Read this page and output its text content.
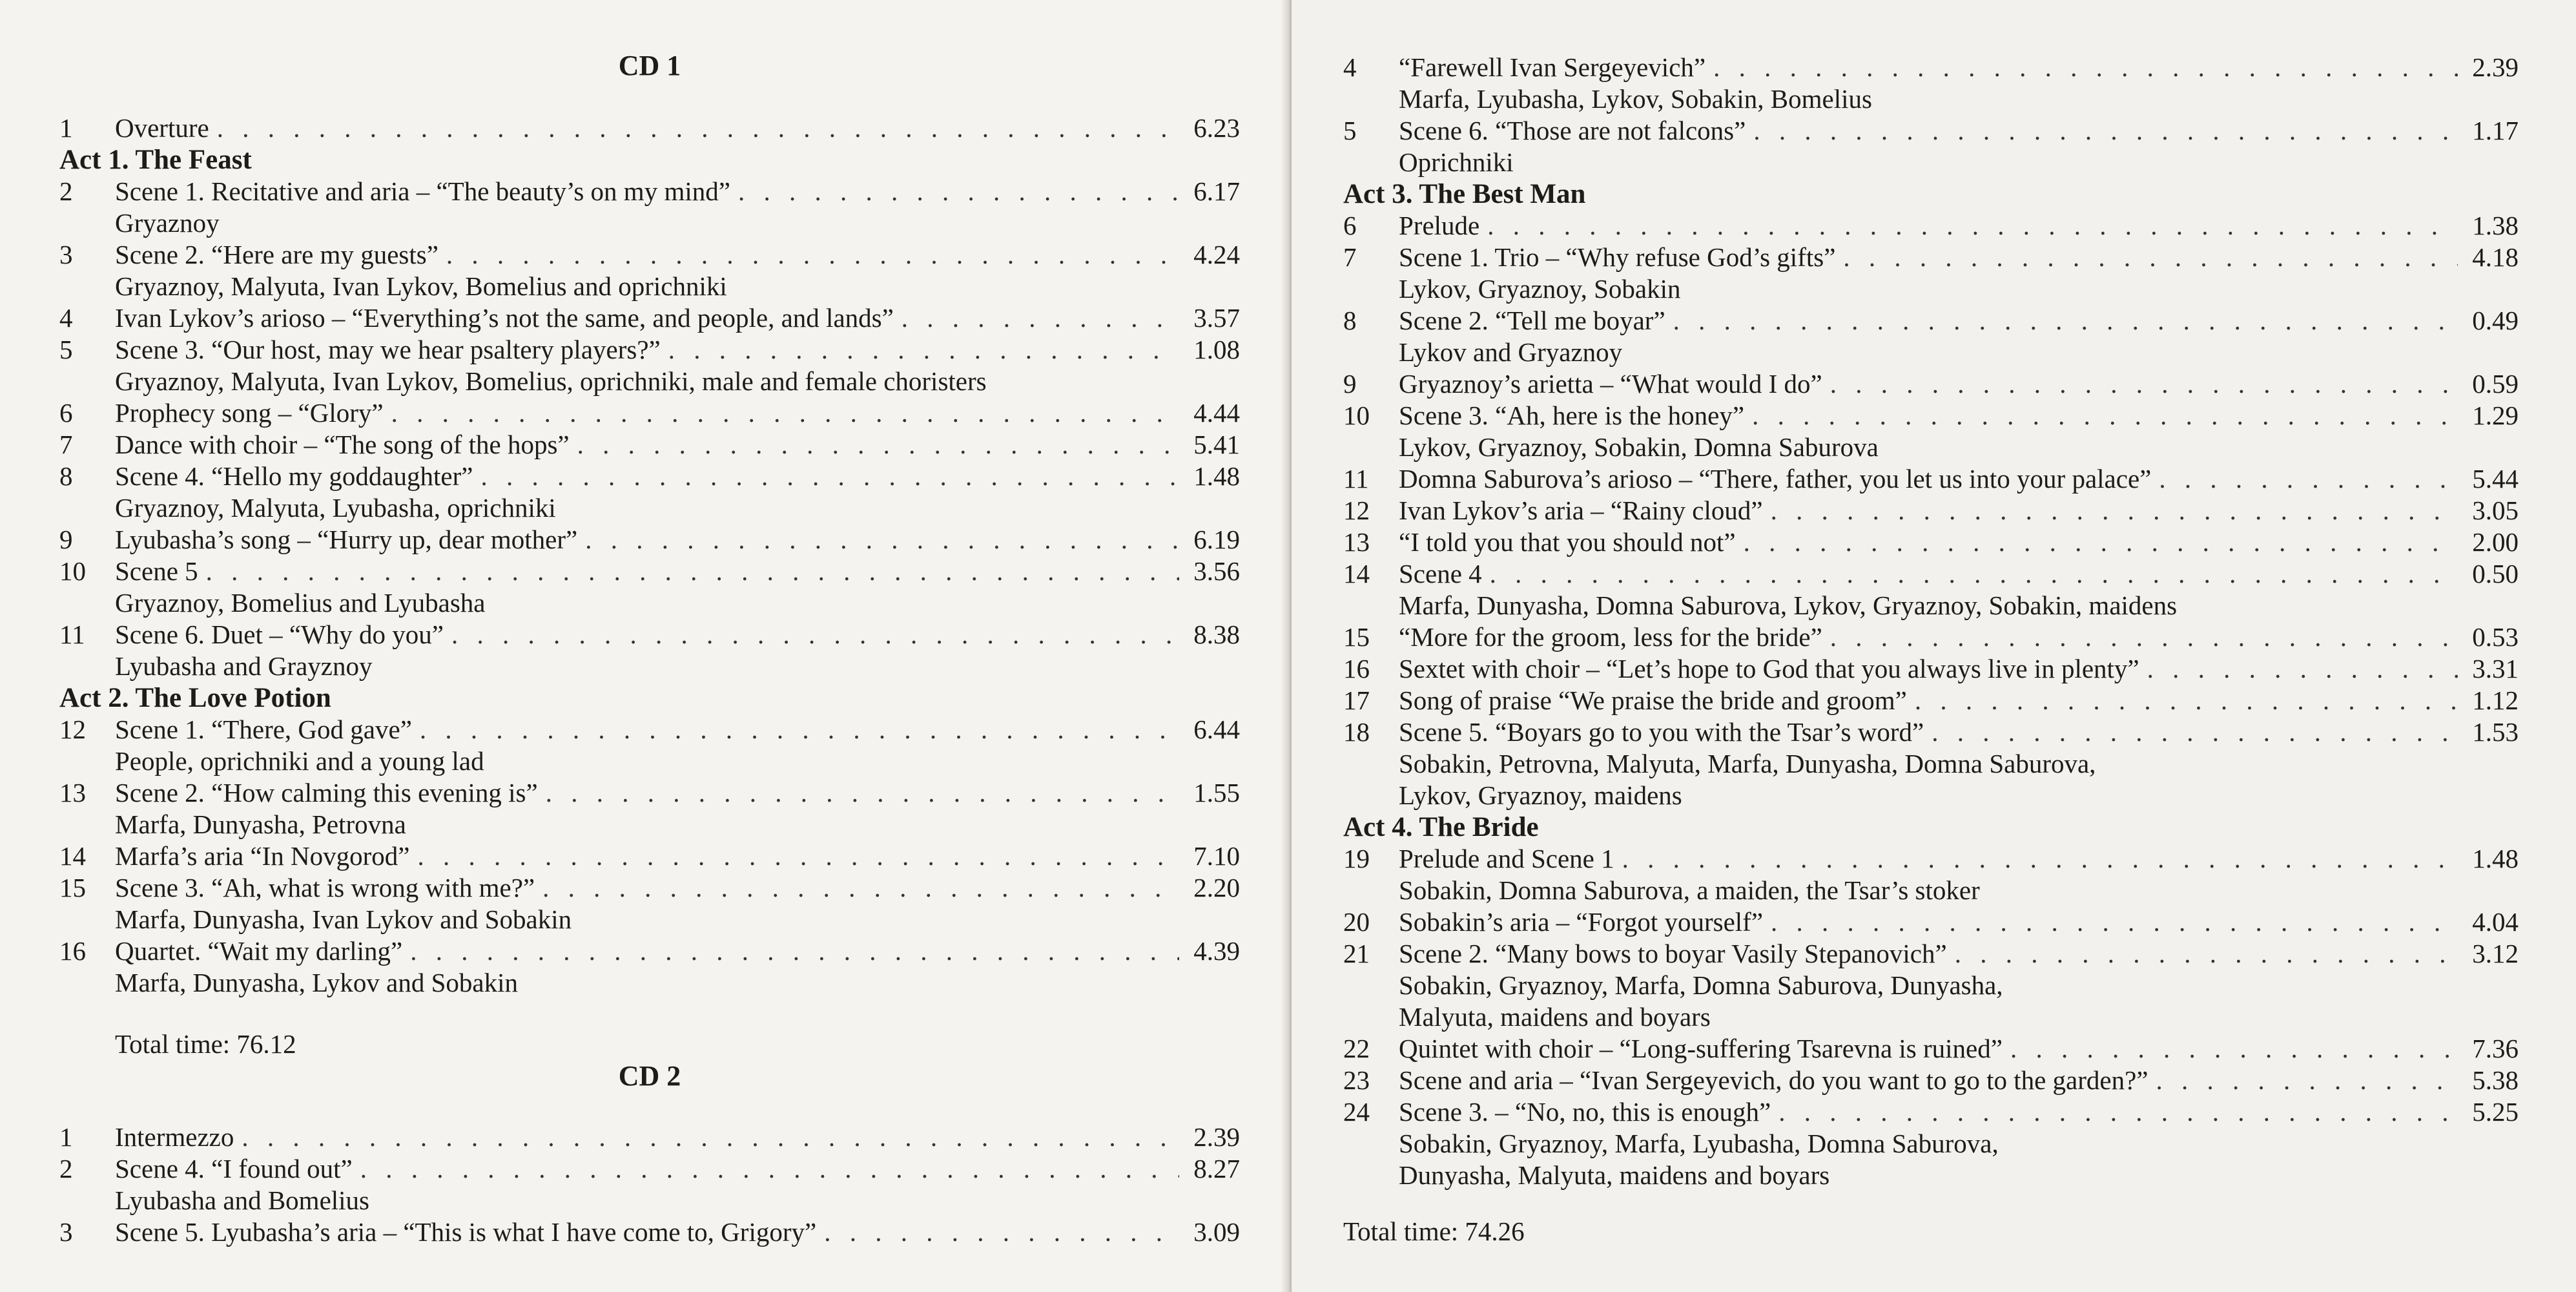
CD 1
1	Overture . . .	6.23
Act 1. The Feast
2	Scene 1. Recitative and aria – “The beauty’s on my mind” . . .	6.17
Gryaznoy
3	Scene 2. “Here are my guests” . . .	4.24
Gryaznoy, Malyuta, Ivan Lykov, Bomelius and oprichniki
4	Ivan Lykov’s arioso – “Everything’s not the same, and people, and lands” . . .	3.57
5	Scene 3. “Our host, may we hear psaltery players?” . . .	1.08
Gryaznoy, Malyuta, Ivan Lykov, Bomelius, oprichniki, male and female choristers
6	Prophecy song – “Glory” . . .	4.44
7	Dance with choir – “The song of the hops” . . .	5.41
8	Scene 4. “Hello my goddaughter” . . .	1.48
Gryaznoy, Malyuta, Lyubasha, oprichniki
9	Lyubasha’s song – “Hurry up, dear mother” . . .	6.19
10	Scene 5 . . .	3.56
Gryaznoy, Bomelius and Lyubasha
11	Scene 6. Duet – “Why do you” . . .	8.38
Lyubasha and Grayznoy
Act 2. The Love Potion
12	Scene 1. “There, God gave” . . .	6.44
People, oprichniki and a young lad
13	Scene 2. “How calming this evening is” . . .	1.55
Marfa, Dunyasha, Petrovna
14	Marfa’s aria “In Novgorod” . . .	7.10
15	Scene 3. “Ah, what is wrong with me?” . . .	2.20
Marfa, Dunyasha, Ivan Lykov and Sobakin
16	Quartet. “Wait my darling” . . .	4.39
Marfa, Dunyasha, Lykov and Sobakin
Total time: 76.12
CD 2
1	Intermezzo . . .	2.39
2	Scene 4. “I found out” . . .	8.27
Lyubasha and Bomelius
3	Scene 5. Lyubasha’s aria – “This is what I have come to, Grigory” . . .	3.09
4	“Farewell Ivan Sergeyevich” . . .	2.39
Marfa, Lyubasha, Lykov, Sobakin, Bomelius
5	Scene 6. “Those are not falcons” . . .	1.17
Oprichniki
Act 3. The Best Man
6	Prelude . . .	1.38
7	Scene 1. Trio – “Why refuse God’s gifts” . . .	4.18
Lykov, Gryaznoy, Sobakin
8	Scene 2. “Tell me boyar” . . .	0.49
Lykov and Gryaznoy
9	Gryaznoy’s arietta – “What would I do” . . .	0.59
10	Scene 3. “Ah, here is the honey” . . .	1.29
Lykov, Gryaznoy, Sobakin, Domna Saburova
11	Domna Saburova’s arioso – “There, father, you let us into your palace” . . .	5.44
12	Ivan Lykov’s aria – “Rainy cloud” . . .	3.05
13	“I told you that you should not” . . .	2.00
14	Scene 4 . . .	0.50
Marfa, Dunyasha, Domna Saburova, Lykov, Gryaznoy, Sobakin, maidens
15	“More for the groom, less for the bride” . . .	0.53
16	Sextet with choir – “Let’s hope to God that you always live in plenty” . . .	3.31
17	Song of praise “We praise the bride and groom” . . .	1.12
18	Scene 5. “Boyars go to you with the Tsar’s word” . . .	1.53
Sobakin, Petrovna, Malyuta, Marfa, Dunyasha, Domna Saburova,
Lykov, Gryaznoy, maidens
Act 4. The Bride
19	Prelude and Scene 1 . . .	1.48
Sobakin, Domna Saburova, a maiden, the Tsar’s stoker
20	Sobakin’s aria – “Forgot yourself” . . .	4.04
21	Scene 2. “Many bows to boyar Vasily Stepanovich” . . .	3.12
Sobakin, Gryaznoy, Marfa, Domna Saburova, Dunyasha,
Malyuta, maidens and boyars
22	Quintet with choir – “Long-suffering Tsarevna is ruined” . . .	7.36
23	Scene and aria – “Ivan Sergeyevich, do you want to go to the garden?” . . .	5.38
24	Scene 3. – “No, no, this is enough” . . .	5.25
Sobakin, Gryaznoy, Marfa, Lyubasha, Domna Saburova,
Dunyasha, Malyuta, maidens and boyars
Total time: 74.26
